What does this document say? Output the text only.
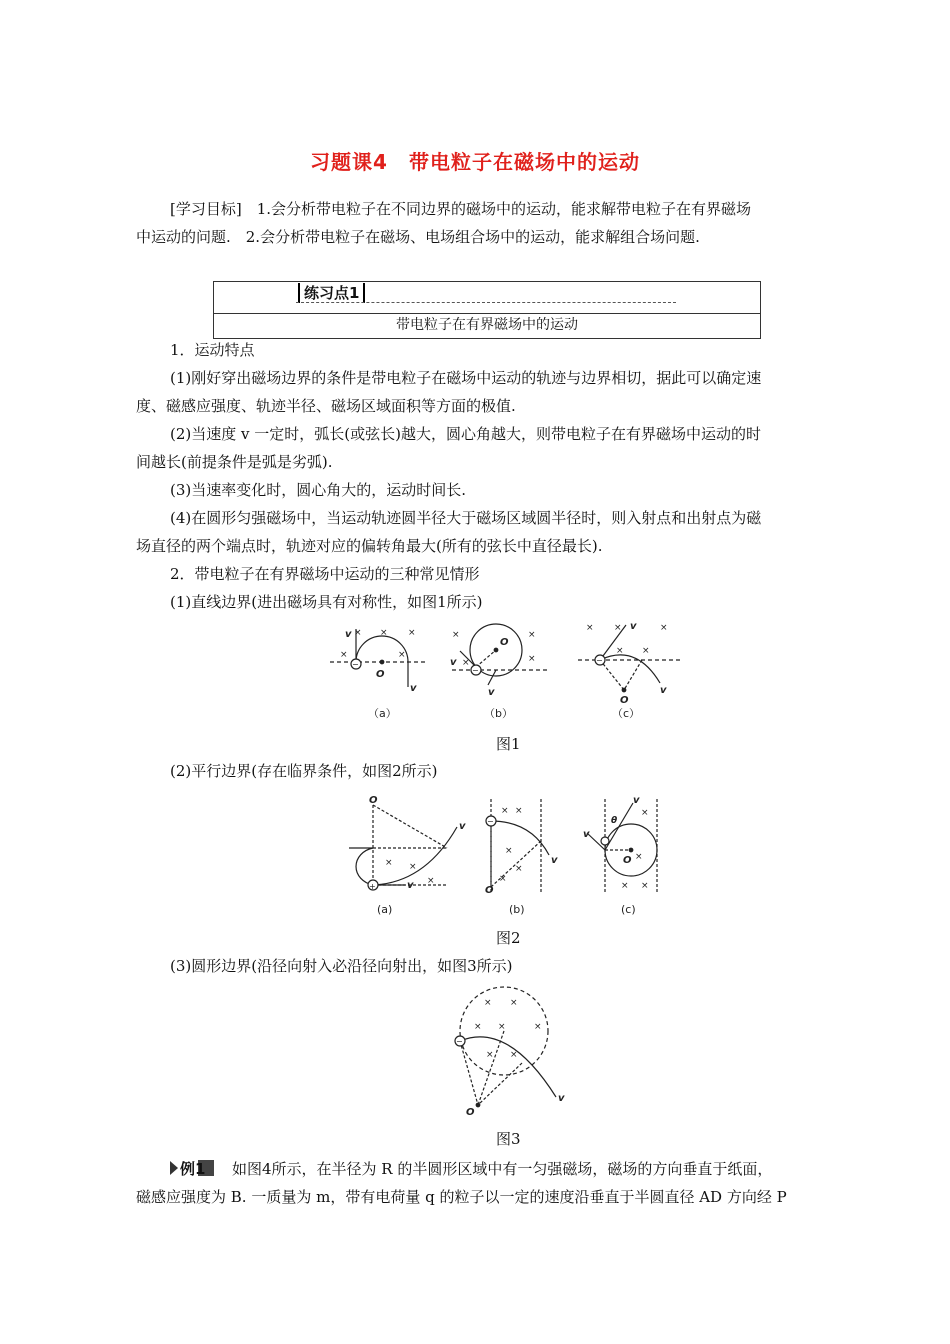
习题课4　带电粒子在磁场中的运动
[学习目标]　1.会分析带电粒子在不同边界的磁场中的运动，能求解带电粒子在有界磁场
中运动的问题.　2.会分析带电粒子在磁场、电场组合场中的运动，能求解组合场问题.
练习点1
带电粒子在有界磁场中的运动
1．运动特点
(1)刚好穿出磁场边界的条件是带电粒子在磁场中运动的轨迹与边界相切，据此可以确定速
度、磁感应强度、轨迹半径、磁场区域面积等方面的极值.
(2)当速度 v 一定时，弧长(或弦长)越大，圆心角越大，则带电粒子在有界磁场中运动的时
间越长(前提条件是弧是劣弧).
(3)当速率变化时，圆心角大的，运动时间长.
(4)在圆形匀强磁场中，当运动轨迹圆半径大于磁场区域圆半径时，则入射点和出射点为磁
场直径的两个端点时，轨迹对应的偏转角最大(所有的弦长中直径最长).
2．带电粒子在有界磁场中运动的三种常见情形
(1)直线边界(进出磁场具有对称性，如图1所示)
× × ×
×	×
−
v
O
v
（a）
−
×	×
×
×
O
v
v
（b）
−
× ×	×
×
×
v
O
v
（c）
图1
(2)平行边界(存在临界条件，如图2所示)
+
× ×
×
O
v
v
(a)
−
× ×
×
×
×
O
v
(b)
×
× ×
×
θ
O
v
v
(c)
图2
(3)圆形边界(沿径向射入必沿径向射出，如图3所示)
−
× ×
× ×	×
× ×
O
v
图3
例1 如图4所示，在半径为 R 的半圆形区域中有一匀强磁场，磁场的方向垂直于纸面，
磁感应强度为 B. 一质量为 m，带有电荷量 q 的粒子以一定的速度沿垂直于半圆直径 AD 方向经 P
